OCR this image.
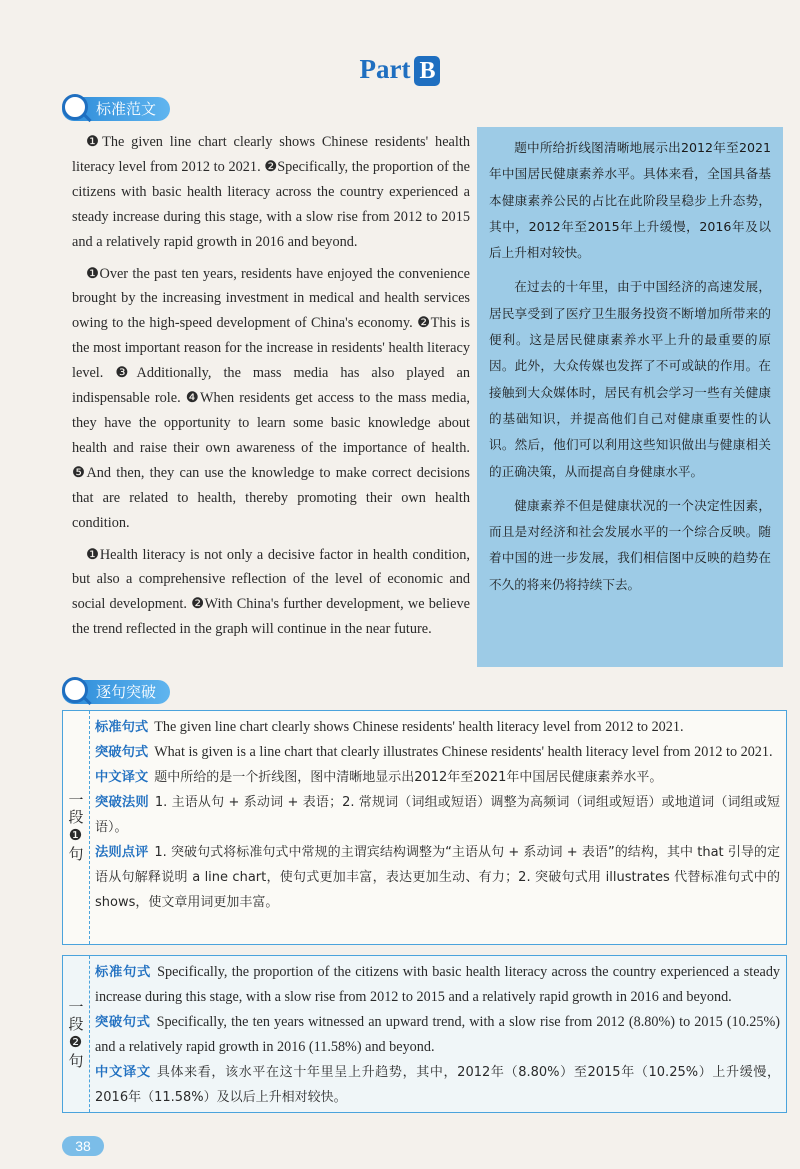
Part B
标准范文

❶The given line chart clearly shows Chinese residents' health literacy level from 2012 to 2021. ❷Specifically, the proportion of the citizens with basic health literacy across the country experienced a steady increase during this stage, with a slow rise from 2012 to 2015 and a relatively rapid growth in 2016 and beyond.

❶Over the past ten years, residents have enjoyed the convenience brought by the increasing investment in medical and health services owing to the high-speed development of China's economy. ❷This is the most important reason for the increase in residents' health literacy level. ❸Additionally, the mass media has also played an indispensable role. ❹When residents get access to the mass media, they have the opportunity to learn some basic knowledge about health and raise their own awareness of the importance of health. ❺And then, they can use the knowledge to make correct decisions that are related to health, thereby promoting their own health condition.

❶Health literacy is not only a decisive factor in health condition, but also a comprehensive reflection of the level of economic and social development. ❷With China's further development, we believe the trend reflected in the graph will continue in the near future.

题中所给折线图清晰地展示出2012年至2021年中国居民健康素养水平。具体来看，全国具备基本健康素养公民的占比在此阶段呈稳步上升态势，其中，2012年至2015年上升缓慢，2016年及以后上升相对较快。

在过去的十年里，由于中国经济的高速发展，居民享受到了医疗卫生服务投资不断增加所带来的便利。这是居民健康素养水平上升的最重要的原因。此外，大众传媒也发挥了不可或缺的作用。在接触到大众媒体时，居民有机会学习一些有关健康的基础知识，并提高他们自己对健康重要性的认识。然后，他们可以利用这些知识做出与健康相关的正确决策，从而提高自身健康水平。

健康素养不但是健康状况的一个决定性因素，而且是对经济和社会发展水平的一个综合反映。随着中国的进一步发展，我们相信图中反映的趋势在不久的将来仍将持续下去。

逐句突破
一段❶句

标准句式 The given line chart clearly shows Chinese residents' health literacy level from 2012 to 2021.

突破句式 What is given is a line chart that clearly illustrates Chinese residents' health literacy level from 2012 to 2021.

中文译文 题中所给的是一个折线图，图中清晰地显示出2012年至2021年中国居民健康素养水平。

突破法则 1. 主语从句 + 系动词 + 表语；2. 常规词（词组或短语）调整为高频词（词组或短语）或地道词（词组或短语）。

法则点评 1. 突破句式将标准句式中常规的主谓宾结构调整为“主语从句 + 系动词 + 表语”的结构，其中 that 引导的定语从句解释说明 a line chart，使句式更加丰富，表达更加生动、有力；2. 突破句式用 illustrates 代替标准句式中的 shows，使文章用词更加丰富。

一段❷句

标准句式 Specifically, the proportion of the citizens with basic health literacy across the country experienced a steady increase during this stage, with a slow rise from 2012 to 2015 and a relatively rapid growth in 2016 and beyond.

突破句式 Specifically, the ten years witnessed an upward trend, with a slow rise from 2012 (8.80%) to 2015 (10.25%) and a relatively rapid growth in 2016 (11.58%) and beyond.

中文译文 具体来看，该水平在这十年里呈上升趋势，其中，2012年（8.80%）至2015年（10.25%）上升缓慢，2016年（11.58%）及以后上升相对较快。

38
